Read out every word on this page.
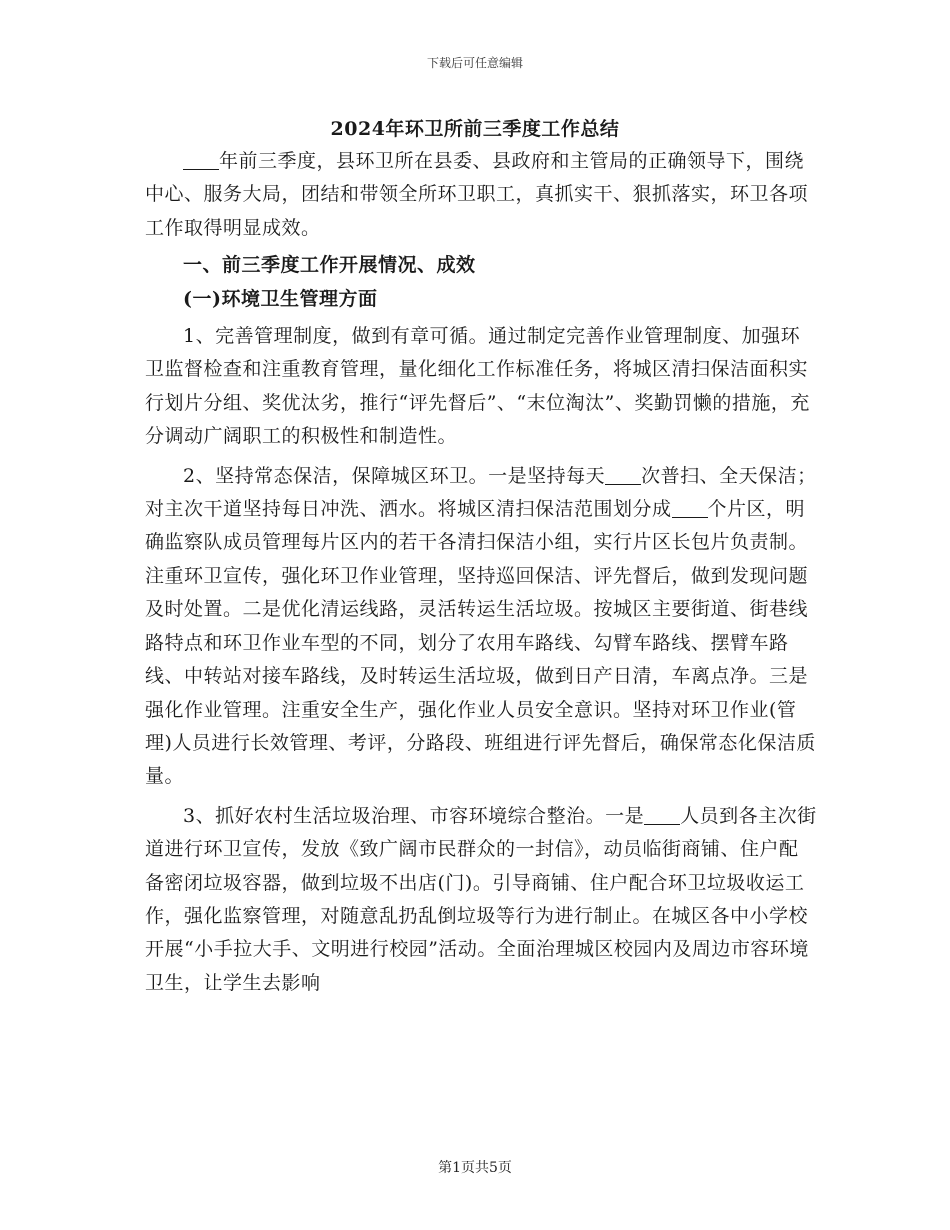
下载后可任意编辑
2024年环卫所前三季度工作总结

年前三季度，县环卫所在县委、县政府和主管局的正确领导下，围绕中心、服务大局，团结和带领全所环卫职工，真抓实干、狠抓落实，环卫各项工作取得明显成效。

一、前三季度工作开展情况、成效

(一)环境卫生管理方面

1、完善管理制度，做到有章可循。通过制定完善作业管理制度、加强环卫监督检查和注重教育管理，量化细化工作标准任务，将城区清扫保洁面积实行划片分组、奖优汰劣，推行“评先督后”、“末位淘汰”、奖勤罚懒的措施，充分调动广阔职工的积极性和制造性。

2、坚持常态保洁，保障城区环卫。一是坚持每天 次普扫、全天保洁；对主次干道坚持每日冲洗、洒水。将城区清扫保洁范围划分成 个片区，明确监察队成员管理每片区内的若干各清扫保洁小组，实行片区长包片负责制。注重环卫宣传，强化环卫作业管理，坚持巡回保洁、评先督后，做到发现问题及时处置。二是优化清运线路，灵活转运生活垃圾。按城区主要街道、街巷线路特点和环卫作业车型的不同，划分了农用车路线、勾臂车路线、摆臂车路线、中转站对接车路线，及时转运生活垃圾，做到日产日清，车离点净。三是强化作业管理。注重安全生产，强化作业人员安全意识。坚持对环卫作业(管理)人员进行长效管理、考评，分路段、班组进行评先督后，确保常态化保洁质量。

3、抓好农村生活垃圾治理、市容环境综合整治。一是 人员到各主次街道进行环卫宣传，发放《致广阔市民群众的一封信》，动员临街商铺、住户配备密闭垃圾容器，做到垃圾不出店(门)。引导商铺、住户配合环卫垃圾收运工作，强化监察管理，对随意乱扔乱倒垃圾等行为进行制止。在城区各中小学校开展“小手拉大手、文明进行校园”活动。全面治理城区校园内及周边市容环境卫生，让学生去影响

第1页共5页
